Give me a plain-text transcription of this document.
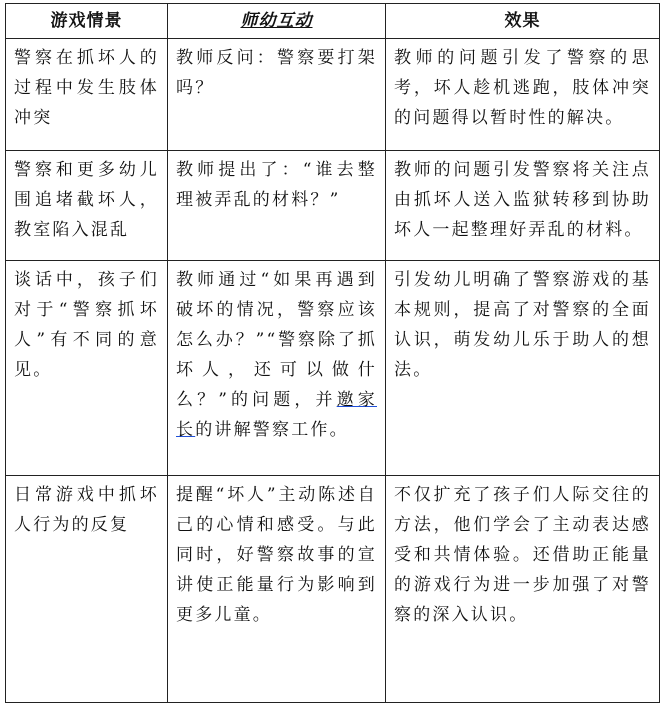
游戏情景	师幼互动	效果
警察在抓坏人的过程中发生肢体冲突	教师反问：警察要打架吗？	教师的问题引发了警察的思考，坏人趁机逃跑，肢体冲突的问题得以暂时性的解决。
警察和更多幼儿围追堵截坏人，教室陷入混乱	教师提出了：“谁去整理被弄乱的材料？”	教师的问题引发警察将关注点由抓坏人送入监狱转移到协助坏人一起整理好弄乱的材料。
谈话中，孩子们对于“警察抓坏人”有不同的意见。	教师通过“如果再遇到破坏的情况，警察应该怎么办？”“警察除了抓坏人，还可以做什么？”的问题，并邀家长的讲解警察工作。	引发幼儿明确了警察游戏的基本规则，提高了对警察的全面认识，萌发幼儿乐于助人的想法。
日常游戏中抓坏人行为的反复	提醒“坏人”主动陈述自己的心情和感受。与此同时，好警察故事的宣讲使正能量行为影响到更多儿童。	不仅扩充了孩子们人际交往的方法，他们学会了主动表达感受和共情体验。还借助正能量的游戏行为进一步加强了对警察的深入认识。
